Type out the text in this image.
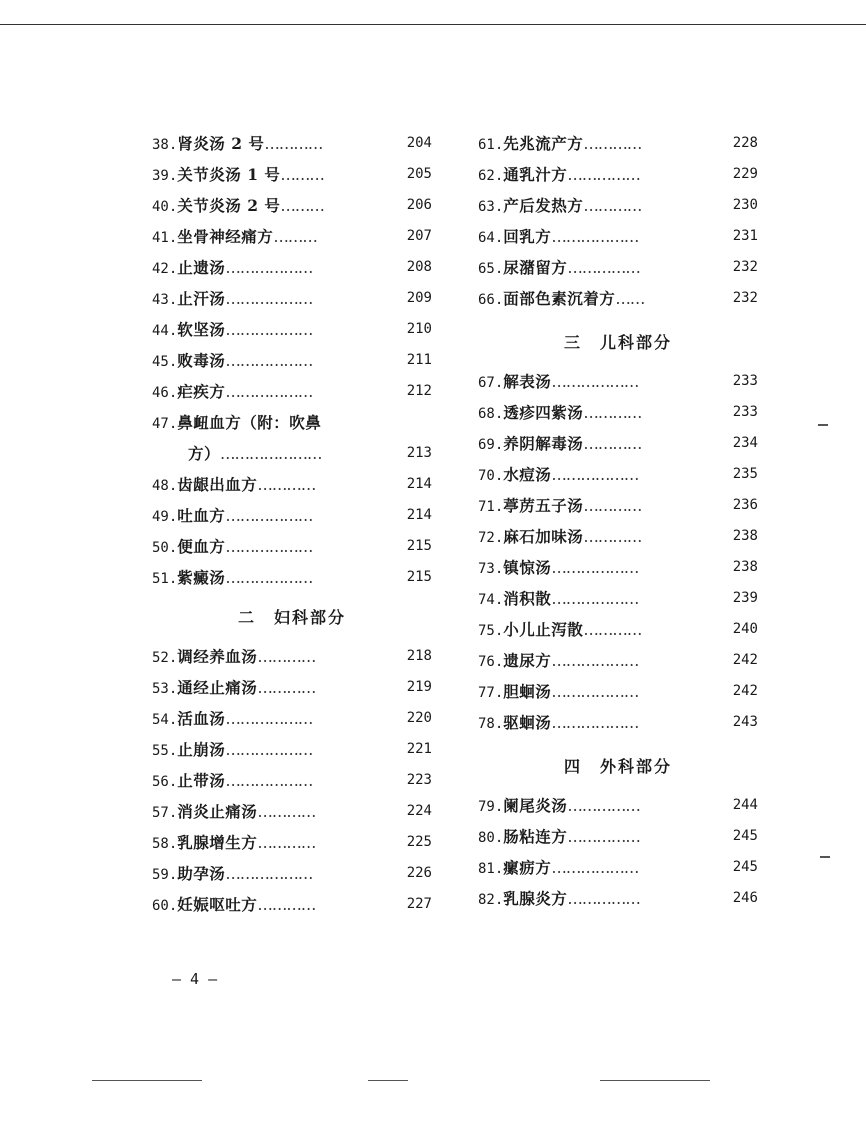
38.肾炎汤 2 号…………	204
39.关节炎汤 1 号………	205
40.关节炎汤 2 号………	206
41.坐骨神经痛方………	207
42.止遗汤………………	208
43.止汗汤………………	209
44.软坚汤………………	210
45.败毒汤………………	211
46.疟疾方………………	212
47.鼻衄血方（附：吹鼻
方）…………………	213
48.齿龈出血方…………	214
49.吐血方………………	214
50.便血方………………	215
51.紫癜汤………………	215
二 妇科部分
52.调经养血汤…………	218
53.通经止痛汤…………	219
54.活血汤………………	220
55.止崩汤………………	221
56.止带汤………………	223
57.消炎止痛汤…………	224
58.乳腺增生方…………	225
59.助孕汤………………	226
60.妊娠呕吐方…………	227
61.先兆流产方…………	228
62.通乳汁方……………	229
63.产后发热方…………	230
64.回乳方………………	231
65.尿潴留方……………	232
66.面部色素沉着方……	232
三 儿科部分
67.解表汤………………	233
68.透疹四紫汤…………	233
69.养阴解毒汤…………	234
70.水痘汤………………	235
71.葶苈五子汤…………	236
72.麻石加味汤…………	238
73.镇惊汤………………	238
74.消积散………………	239
75.小儿止泻散…………	240
76.遗尿方………………	242
77.胆蛔汤………………	242
78.驱蛔汤………………	243
四 外科部分
79.阑尾炎汤……………	244
80.肠粘连方……………	245
81.瘰疬方………………	245
82.乳腺炎方……………	246
— 4 —
